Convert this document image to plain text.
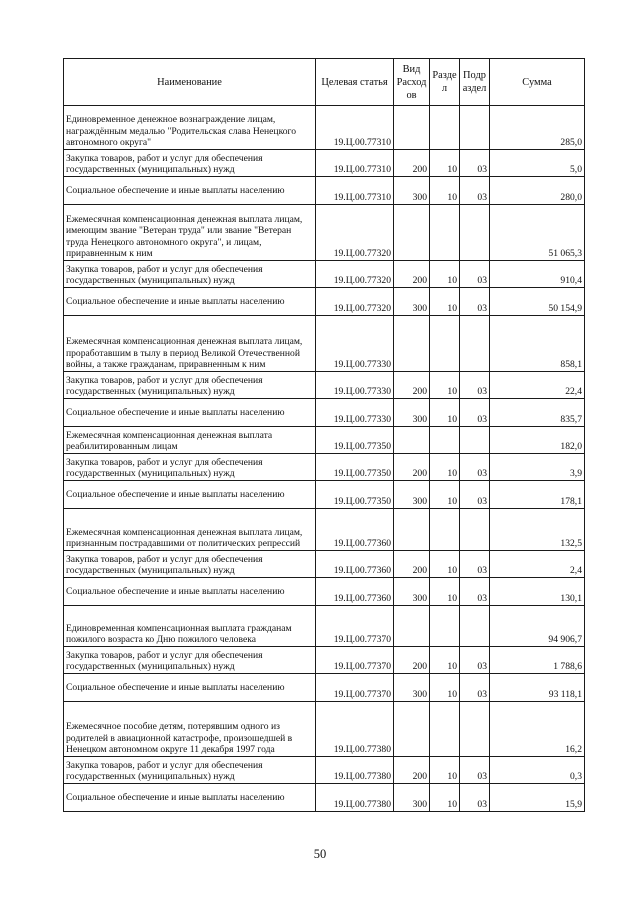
Наименование	Целевая статья	Вид Расход ов	Разде л	Подр аздел	Сумма
Единовременное денежное вознаграждение лицам, награждённым медалью "Родительская слава Ненецкого автономного округа"	19.Ц.00.77310				285,0
Закупка товаров, работ и услуг для обеспечения государственных (муниципальных) нужд	19.Ц.00.77310	200	10	03	5,0
Социальное обеспечение и иные выплаты населению	19.Ц.00.77310	300	10	03	280,0
Ежемесячная компенсационная денежная выплата лицам, имеющим звание "Ветеран труда" или звание "Ветеран труда Ненецкого автономного округа", и лицам, приравненным к ним	19.Ц.00.77320				51 065,3
Закупка товаров, работ и услуг для обеспечения государственных (муниципальных) нужд	19.Ц.00.77320	200	10	03	910,4
Социальное обеспечение и иные выплаты населению	19.Ц.00.77320	300	10	03	50 154,9
Ежемесячная компенсационная денежная выплата лицам, проработавшим в тылу в период Великой Отечественной войны, а также гражданам, приравненным к ним	19.Ц.00.77330				858,1
Закупка товаров, работ и услуг для обеспечения государственных (муниципальных) нужд	19.Ц.00.77330	200	10	03	22,4
Социальное обеспечение и иные выплаты населению	19.Ц.00.77330	300	10	03	835,7
Ежемесячная компенсационная денежная выплата реабилитированным лицам	19.Ц.00.77350				182,0
Закупка товаров, работ и услуг для обеспечения государственных (муниципальных) нужд	19.Ц.00.77350	200	10	03	3,9
Социальное обеспечение и иные выплаты населению	19.Ц.00.77350	300	10	03	178,1
Ежемесячная компенсационная денежная выплата лицам, признанным пострадавшими от политических репрессий	19.Ц.00.77360				132,5
Закупка товаров, работ и услуг для обеспечения государственных (муниципальных) нужд	19.Ц.00.77360	200	10	03	2,4
Социальное обеспечение и иные выплаты населению	19.Ц.00.77360	300	10	03	130,1
Единовременная компенсационная выплата гражданам пожилого возраста ко Дню пожилого человека	19.Ц.00.77370				94 906,7
Закупка товаров, работ и услуг для обеспечения государственных (муниципальных) нужд	19.Ц.00.77370	200	10	03	1 788,6
Социальное обеспечение и иные выплаты населению	19.Ц.00.77370	300	10	03	93 118,1
Ежемесячное пособие детям, потерявшим одного из родителей в авиационной катастрофе, произошедшей в Ненецком автономном округе 11 декабря 1997 года	19.Ц.00.77380				16,2
Закупка товаров, работ и услуг для обеспечения государственных (муниципальных) нужд	19.Ц.00.77380	200	10	03	0,3
Социальное обеспечение и иные выплаты населению	19.Ц.00.77380	300	10	03	15,9
50
